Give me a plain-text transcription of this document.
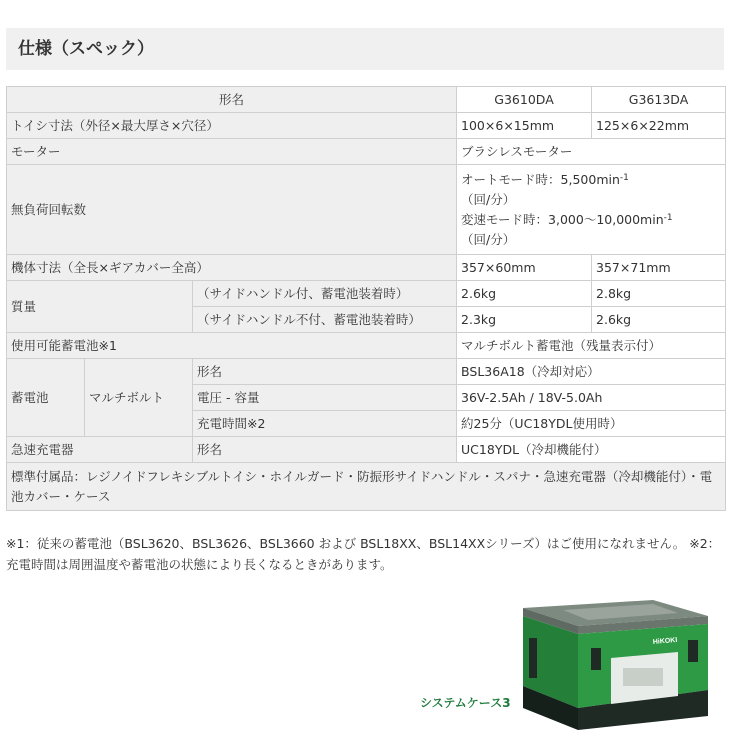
仕様（スペック）
形名			G3610DA	G3613DA
トイシ寸法（外径×最大厚さ×穴径）			100×6×15mm	125×6×22mm
モーター			ブラシレスモーター	
無負荷回転数			オートモード時：$5,500\min^{-1}$
（回/分）
変速モード時：$3,000\sim 10,000\min^{-1}$
（回/分）	

機体寸法（全長×ギアカバー全高）			357×60mm	357×71mm
質量		（サイドハンドル付、蓄電池装着時）	2.6kg	2.8kg
		（サイドハンドル不付、蓄電池装着時）	2.3kg	2.6kg
使用可能蓄電池※1			マルチボルト蓄電池（残量表示付）	
蓄電池	マルチボルト	形名	BSL36A18（冷却対応）	
		電圧 - 容量	36V-2.5Ah / 18V-5.0Ah	
		充電時間※2	約25分（UC18YDL使用時）	
急速充電器		形名	UC18YDL（冷却機能付）	
標準付属品：レジノイドフレキシブルトイシ・ホイルガード・防振形サイドハンドル・スパナ・急速充電器（冷却機能付）・電池カバー・ケース				
※1：従来の蓄電池（BSL3620、BSL3626、BSL3660 および BSL18XX、BSL14XXシリーズ）はご使用になれません。 ※2：充電時間は周囲温度や蓄電池の状態により長くなるときがあります。
HiKOKI
システムケース3
